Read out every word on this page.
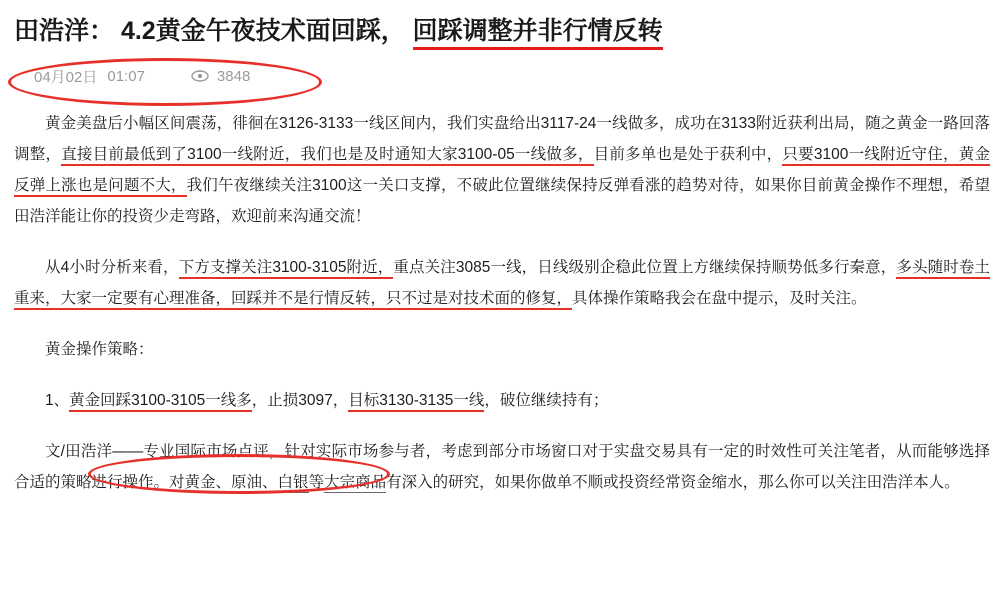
田浩洋： 4.2黄金午夜技术面回踩， 回踩调整并非行情反转
04月02日 01:07	3848

黄金美盘后小幅区间震荡，徘徊在3126-3133一线区间内，我们实盘给出3117-24一线做多，成功在3133附近获利出局，随之黄金一路回落调整，直接目前最低到了3100一线附近，我们也是及时通知大家3100-05一线做多，目前多单也是处于获利中，只要3100一线附近守住，黄金反弹上涨也是问题不大，我们午夜继续关注3100这一关口支撑，不破此位置继续保持反弹看涨的趋势对待，如果你目前黄金操作不理想，希望田浩洋能让你的投资少走弯路，欢迎前来沟通交流！

从4小时分析来看，下方支撑关注3100-3105附近，重点关注3085一线，日线级别企稳此位置上方继续保持顺势低多行秦意，多头随时卷土重来，大家一定要有心理准备，回踩并不是行情反转，只不过是对技术面的修复，具体操作策略我会在盘中提示，及时关注。

黄金操作策略：

1、黄金回踩3100-3105一线多，止损3097，目标3130-3135一线，破位继续持有；

文/田浩洋——专业国际市场点评，针对实际市场参与者，考虑到部分市场窗口对于实盘交易具有一定的时效性可关注笔者，从而能够选择合适的策略进行操作。对黄金、原油、白银等大宗商品有深入的研究，如果你做单不顺或投资经常资金缩水，那么你可以关注田浩洋本人。
